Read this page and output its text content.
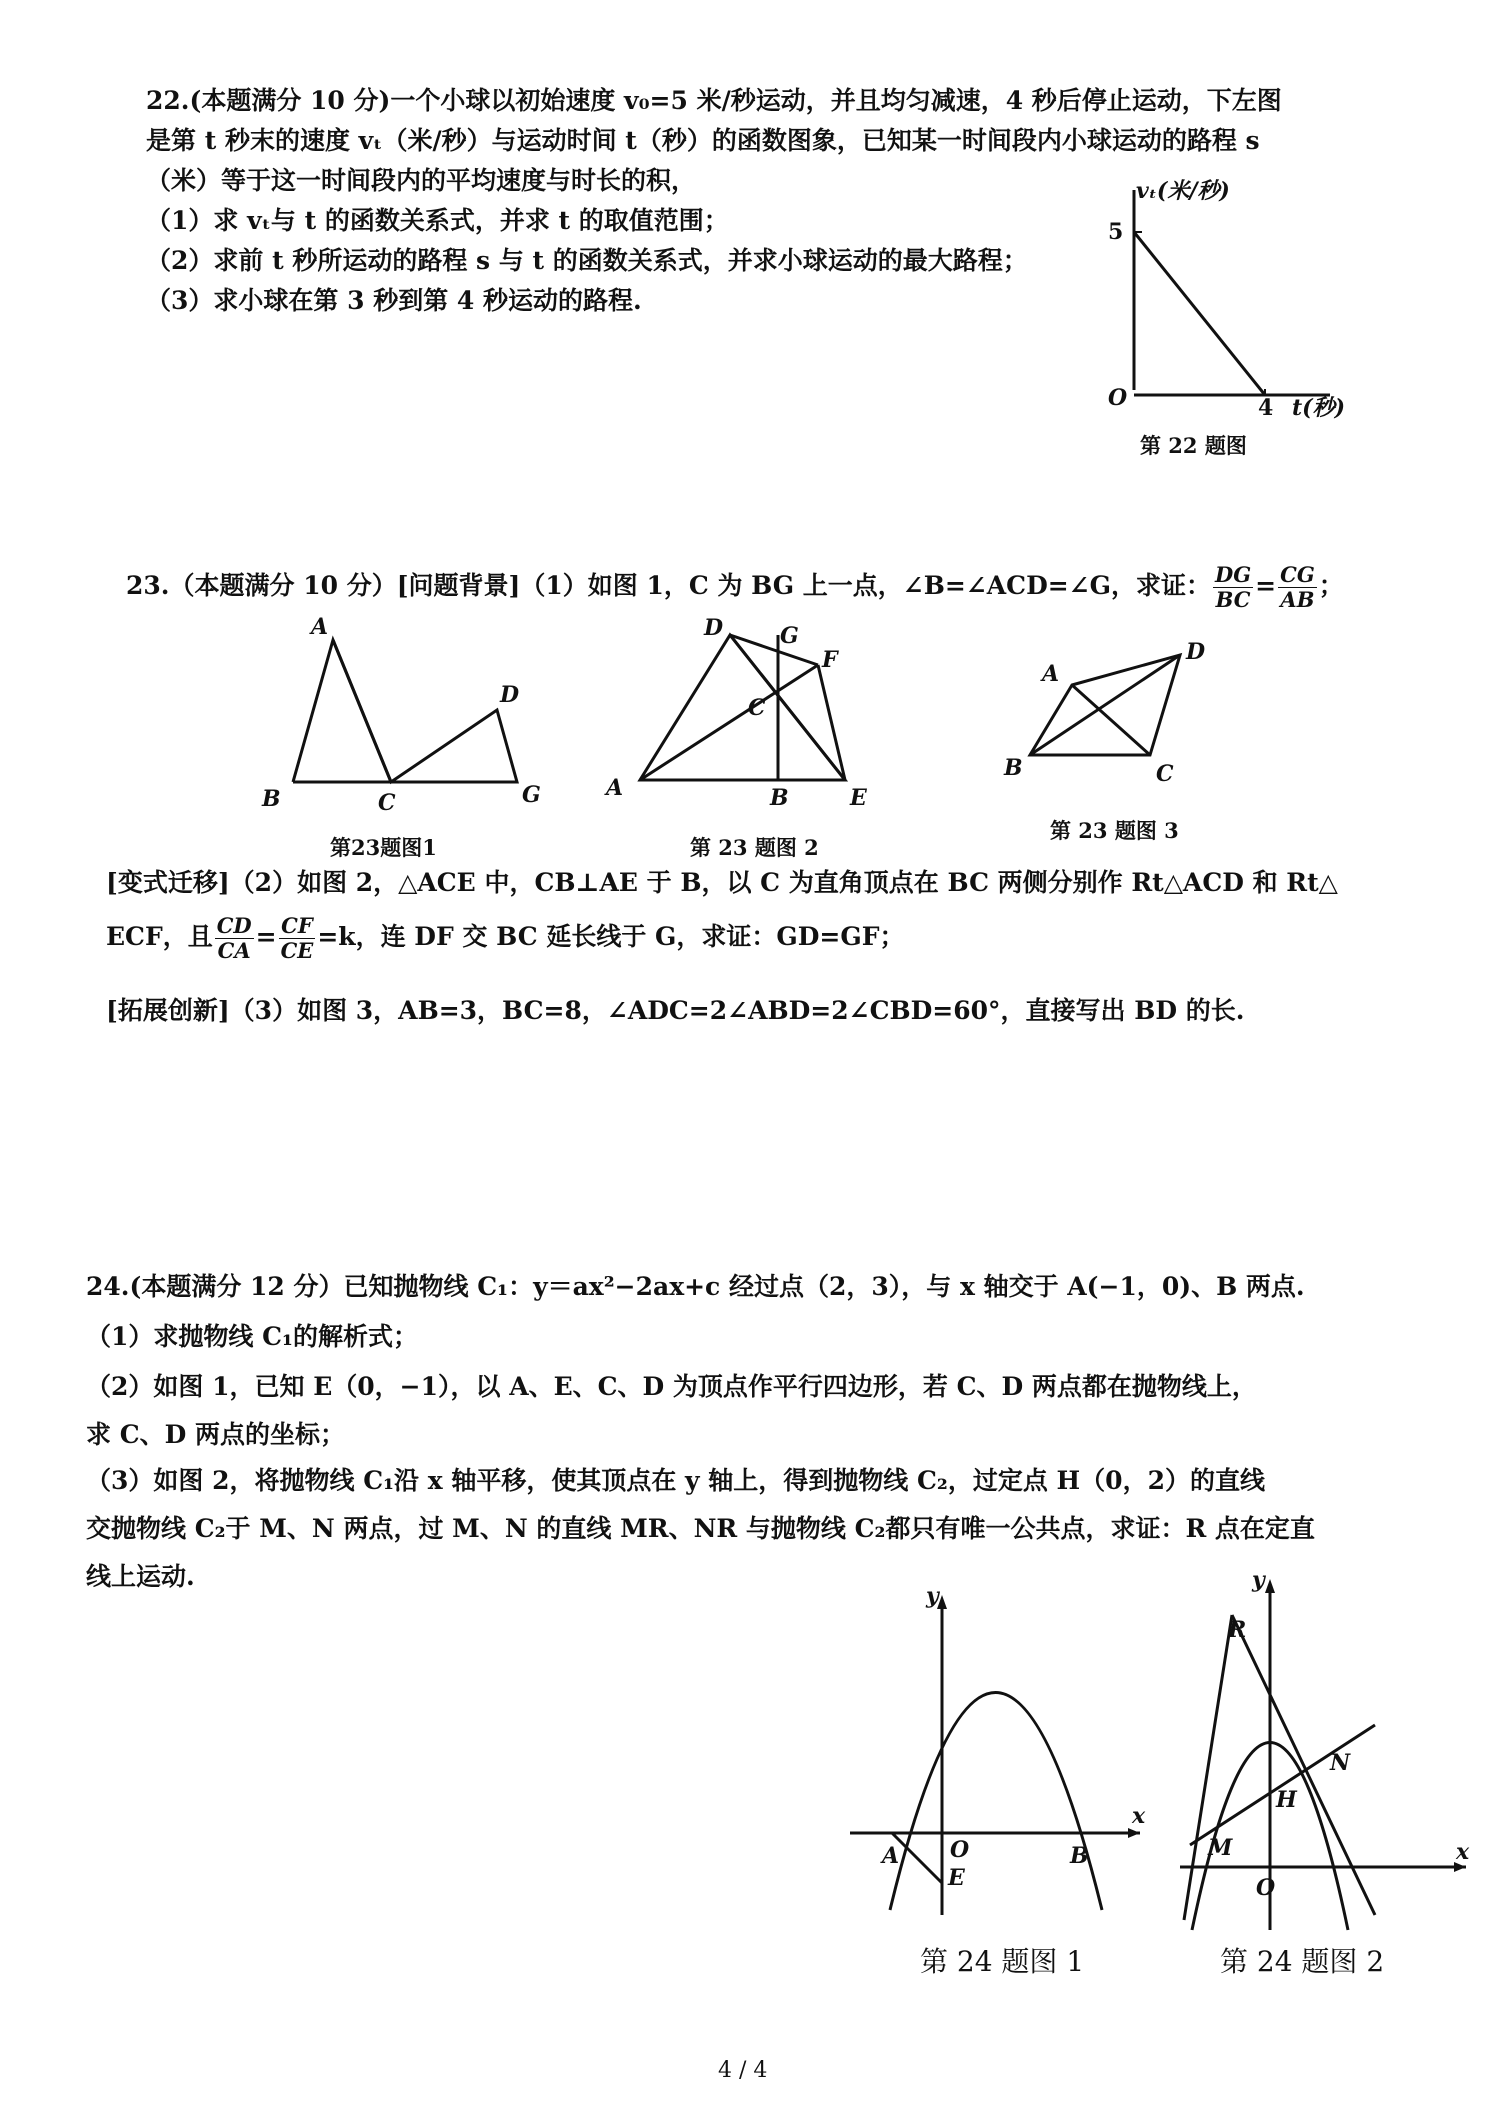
22.(本题满分 10 分)一个小球以初始速度 v₀=5 米/秒运动，并且均匀减速，4 秒后停止运动，下左图
是第 t 秒末的速度 vₜ（米/秒）与运动时间 t（秒）的函数图象，已知某一时间段内小球运动的路程 s
（米）等于这一时间段内的平均速度与时长的积，
（1）求 vₜ与 t 的函数关系式，并求 t 的取值范围；
（2）求前 t 秒所运动的路程 s 与 t 的函数关系式，并求小球运动的最大路程；
（3）求小球在第 3 秒到第 4 秒运动的路程.
vₜ(米/秒)
5
O	4 t(秒)
第 22 题图
23.（本题满分 10 分）[问题背景]（1）如图 1，C 为 BG 上一点，∠B=∠ACD=∠G，求证： $\frac{DG}{BC} = \frac{CG}{AB}$ ；
A
B	C
D
G
第23题图1
D	G
F
C
A	B	E
第 23 题图 2
A
D
B	C
第 23 题图 3
[变式迁移]（2）如图 2，△ACE 中，CB⊥AE 于 B，以 C 为直角顶点在 BC 两侧分别作 Rt△ACD 和 Rt△
ECF，且 $\frac{CD}{CA} = \frac{CF}{CE} =k$，连 DF 交 BC 延长线于 G，求证：GD=GF；
[拓展创新]（3）如图 3，AB=3，BC=8，∠ADC=2∠ABD=2∠CBD=60°，直接写出 BD 的长.
24.(本题满分 12 分）已知抛物线 C₁：y＝ax²−2ax+c 经过点（2，3），与 x 轴交于 A(−1，0)、B 两点.
（1）求抛物线 C₁的解析式；
（2）如图 1，已知 E（0，−1），以 A、E、C、D 为顶点作平行四边形，若 C、D 两点都在抛物线上，
求 C、D 两点的坐标；
（3）如图 2，将抛物线 C₁沿 x 轴平移，使其顶点在 y 轴上，得到抛物线 C₂，过定点 H（0，2）的直线
交抛物线 C₂于 M、N 两点，过 M、N 的直线 MR、NR 与抛物线 C₂都只有唯一公共点，求证：R 点在定直
线上运动.
y
x
A O
E
B
第 24 题图 1
y
x
R
N
H
M
O
第 24 题图 2
4 / 4
